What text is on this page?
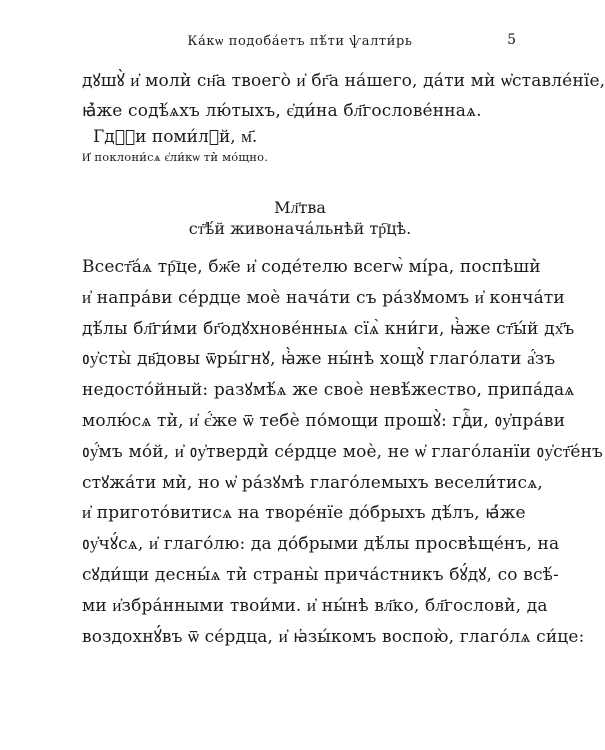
Ка́кѡ подоба́етъ пѣ́ти ѱалти́рь	5
дꙋшꙋ̀ и҆ моли̇̀ сн҃а твоего̀ и҆ бг҃а на́шего, да́ти мѝ ѡ҆ставле́нїе,
ꙗ҆̀же содѣ́ѧхъ лю́тыхъ, є҆ди́на бл҃гослове́ннаѧ.
Гдⷭ҇и поми́лꙋй, м҃.
И҆ поклони́сѧ є҆ли́кѡ ти̇̀ мо́щно.
Мл҃тва
ст҃ѣ́й живонача́льнѣй тр҇цѣ.
Всест҃а́ѧ тр҇це, бж҃е и҆ соде́телю всегѡ̀ мі́ра, поспѣши̇̀
и҆ напра́ви се́рдце моѐ нача́ти съ ра́зꙋмомъ и҆ конча́ти
дѣ́лы бл҃ги́ми бг҃одꙋхнове́нныѧ сїѧ̀ кни́ги, ꙗ҆̀же ст҃ы́й дх҃ъ
ᲂу҆сты̀ дв҃довы ѿры́гнꙋ, ꙗ҆̀же ны́нѣ хощꙋ̀ глаго́лати а҆́зъ
недосто́йный: разꙋмѣ́ѧ же своѐ невѣ́жество, припа́даѧ
молю́сѧ ти̇̀, и҆ є҆́же ѿ тебѐ по́мощи прошꙋ̀: гдⷭ҇и, ᲂу҆пра́ви
ᲂу҆́мъ мо́й, и҆ ᲂу҆тверди̇̀ се́рдце моѐ, не ѡ҆ глаго́ланїи ᲂу҆ст҃е́нъ
стꙋжа́ти ми̇̀, но ѡ҆ ра́зꙋмѣ глаго́лемыхъ весели́тисѧ,
и҆ пригото́витисѧ на творе́нїе до́брыхъ дѣ́лъ, ꙗ҆́же
ᲂу҆чꙋ́сѧ, и҆ глаго́лю: да до́брыми дѣ́лы просвѣще́нъ, на
сꙋди́щи десны́ѧ ти̇̀ страны̀ прича́стникъ бꙋ́дꙋ, со всѣ́-
ми и҆збра́нными твои́ми. и҆ ны́нѣ вл҃ко, бл҃гослови̇̀, да
воздохнꙋ́въ ѿ се́рдца, и҆ ꙗ҆зы́комъ воспою̀, глаго́лѧ си́це:
